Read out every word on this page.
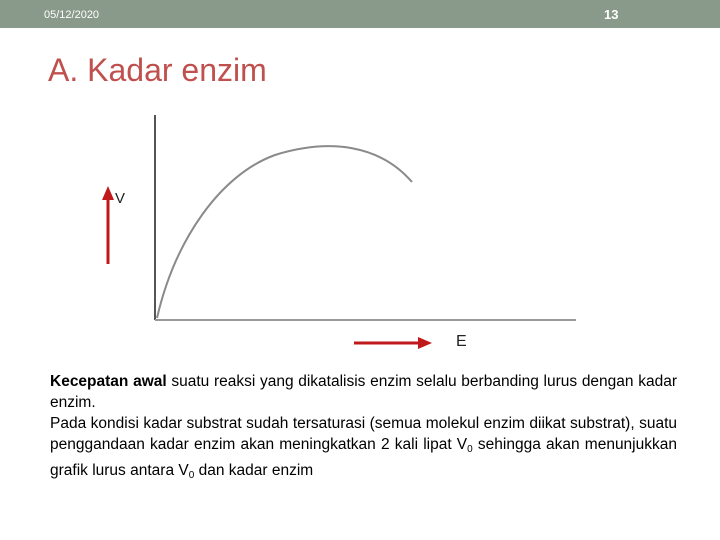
05/12/2020	13
A. Kadar enzim
V
E

Kecepatan awal suatu reaksi yang dikatalisis enzim selalu berbanding lurus dengan kadar enzim.

Pada kondisi kadar substrat sudah tersaturasi (semua molekul enzim diikat substrat), suatu penggandaan kadar enzim akan meningkatkan 2 kali lipat $V_0$ sehingga akan menunjukkan grafik lurus antara $V_0$ dan kadar enzim
